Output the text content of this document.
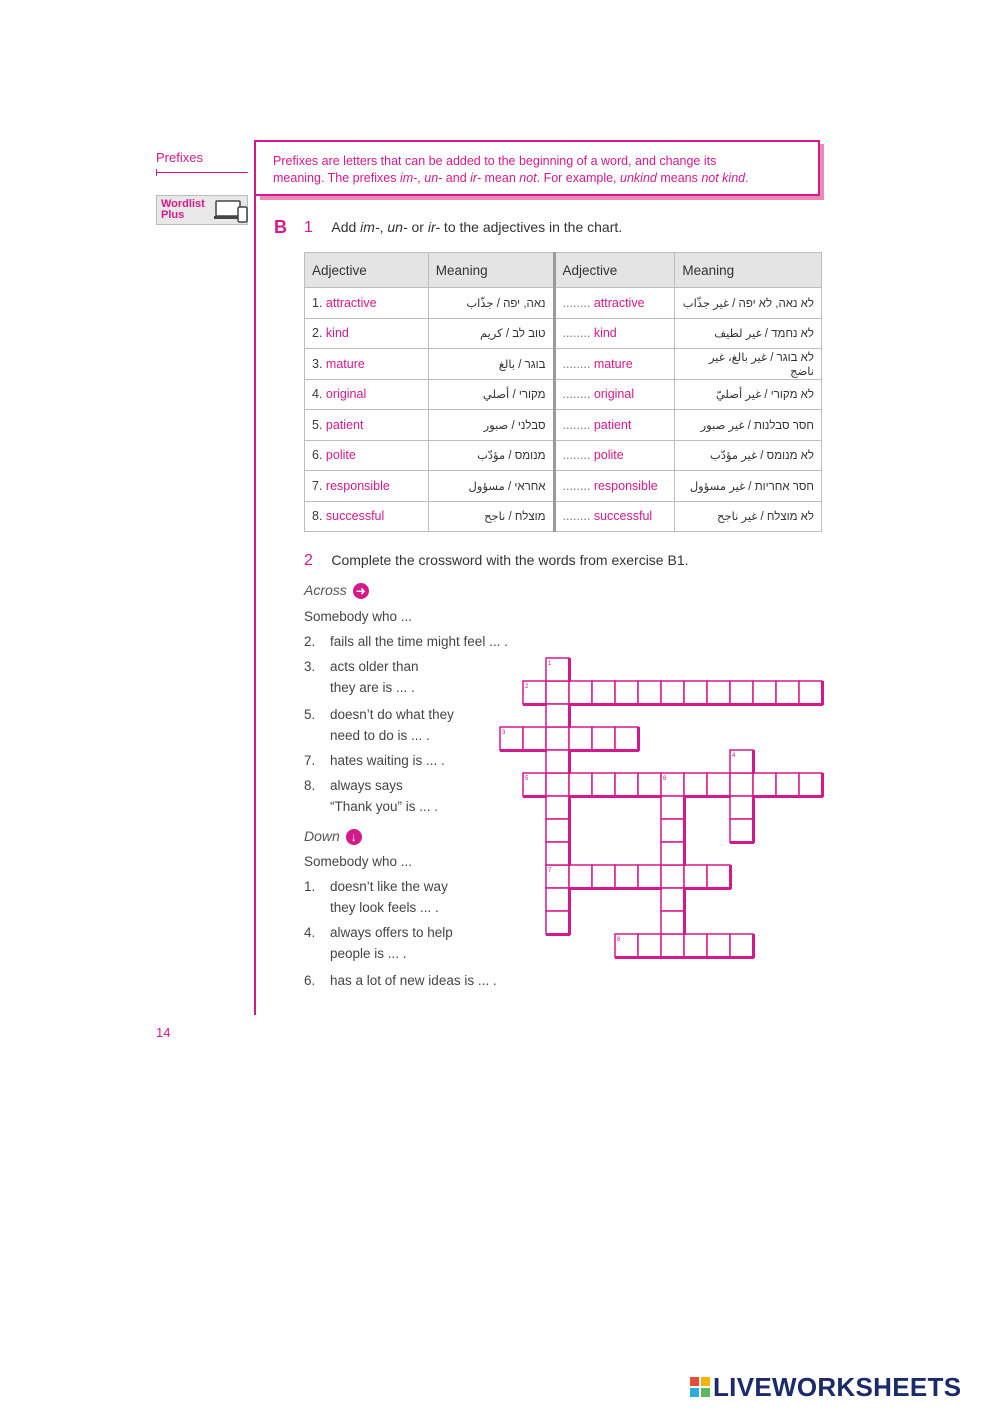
Prefixes
Wordlist
Plus
Prefixes are letters that can be added to the beginning of a word, and change its
meaning. The prefixes im-, un- and ir- mean not. For example, unkind means not kind.
B 1 Add im-, un- or ir- to the adjectives in the chart.
Adjective	Meaning	Adjective	Meaning
1. attractive	נאה, יפה / جذّاب	........ attractive	לא נאה, לא יפה / غير جذّاب
2. kind	טוב לב / كريم	........ kind	לא נחמד / غير لطيف
3. mature	בוגר / بالغ	........ mature	לא בוגר / غير بالغ، غير ناضج
4. original	מקורי / أصلي	........ original	לא מקורי / غير أصليّ
5. patient	סבלני / صبور	........ patient	חסר סבלנות / غير صبور
6. polite	מנומס / مؤدّب	........ polite	לא מנומס / غير مؤدّب
7. responsible	אחראי / مسؤول	........ responsible	חסר אחריות / غير مسؤول
8. successful	מוצלח / ناجح	........ successful	לא מוצלח / غير ناجح
2 Complete the crossword with the words from exercise B1.
Across ➜
Somebody who ...
2. fails all the time might feel ... .
3. acts older than
they are is ... .
5. doesn’t do what they
need to do is ... .
7. hates waiting is ... .
8. always says
“Thank you” is ... .
Down ↓
Somebody who ...
1. doesn’t like the way
they look feels ... .
4. always offers to help
people is ... .
6. has a lot of new ideas is ... .
1
2
3
4
5	6
7
8
14
LIVEWORKSHEETS
